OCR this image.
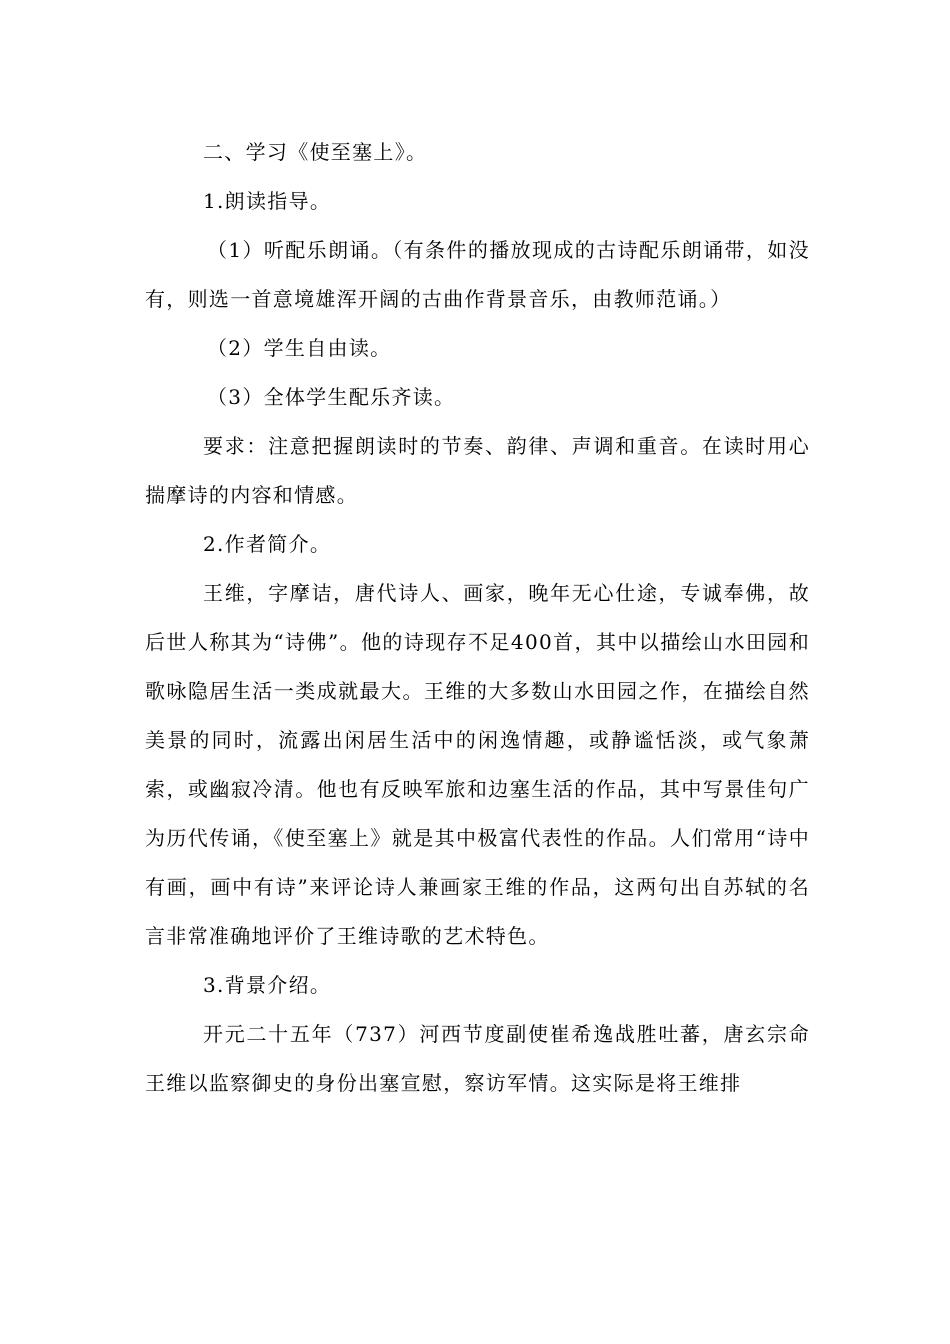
二、学习《使至塞上》。

1.朗读指导。

（1）听配乐朗诵。（有条件的播放现成的古诗配乐朗诵带，如没有，则选一首意境雄浑开阔的古曲作背景音乐，由教师范诵。）

（2）学生自由读。

（3）全体学生配乐齐读。

要求：注意把握朗读时的节奏、韵律、声调和重音。在读时用心揣摩诗的内容和情感。

2.作者简介。

王维，字摩诘，唐代诗人、画家，晚年无心仕途，专诚奉佛，故后世人称其为“诗佛”。他的诗现存不足400首，其中以描绘山水田园和歌咏隐居生活一类成就最大。王维的大多数山水田园之作，在描绘自然美景的同时，流露出闲居生活中的闲逸情趣，或静谧恬淡，或气象萧索，或幽寂冷清。他也有反映军旅和边塞生活的作品，其中写景佳句广为历代传诵，《使至塞上》就是其中极富代表性的作品。人们常用“诗中有画，画中有诗”来评论诗人兼画家王维的作品，这两句出自苏轼的名言非常准确地评价了王维诗歌的艺术特色。

3.背景介绍。

开元二十五年（737）河西节度副使崔希逸战胜吐蕃，唐玄宗命王维以监察御史的身份出塞宣慰，察访军情。这实际是将王维排
